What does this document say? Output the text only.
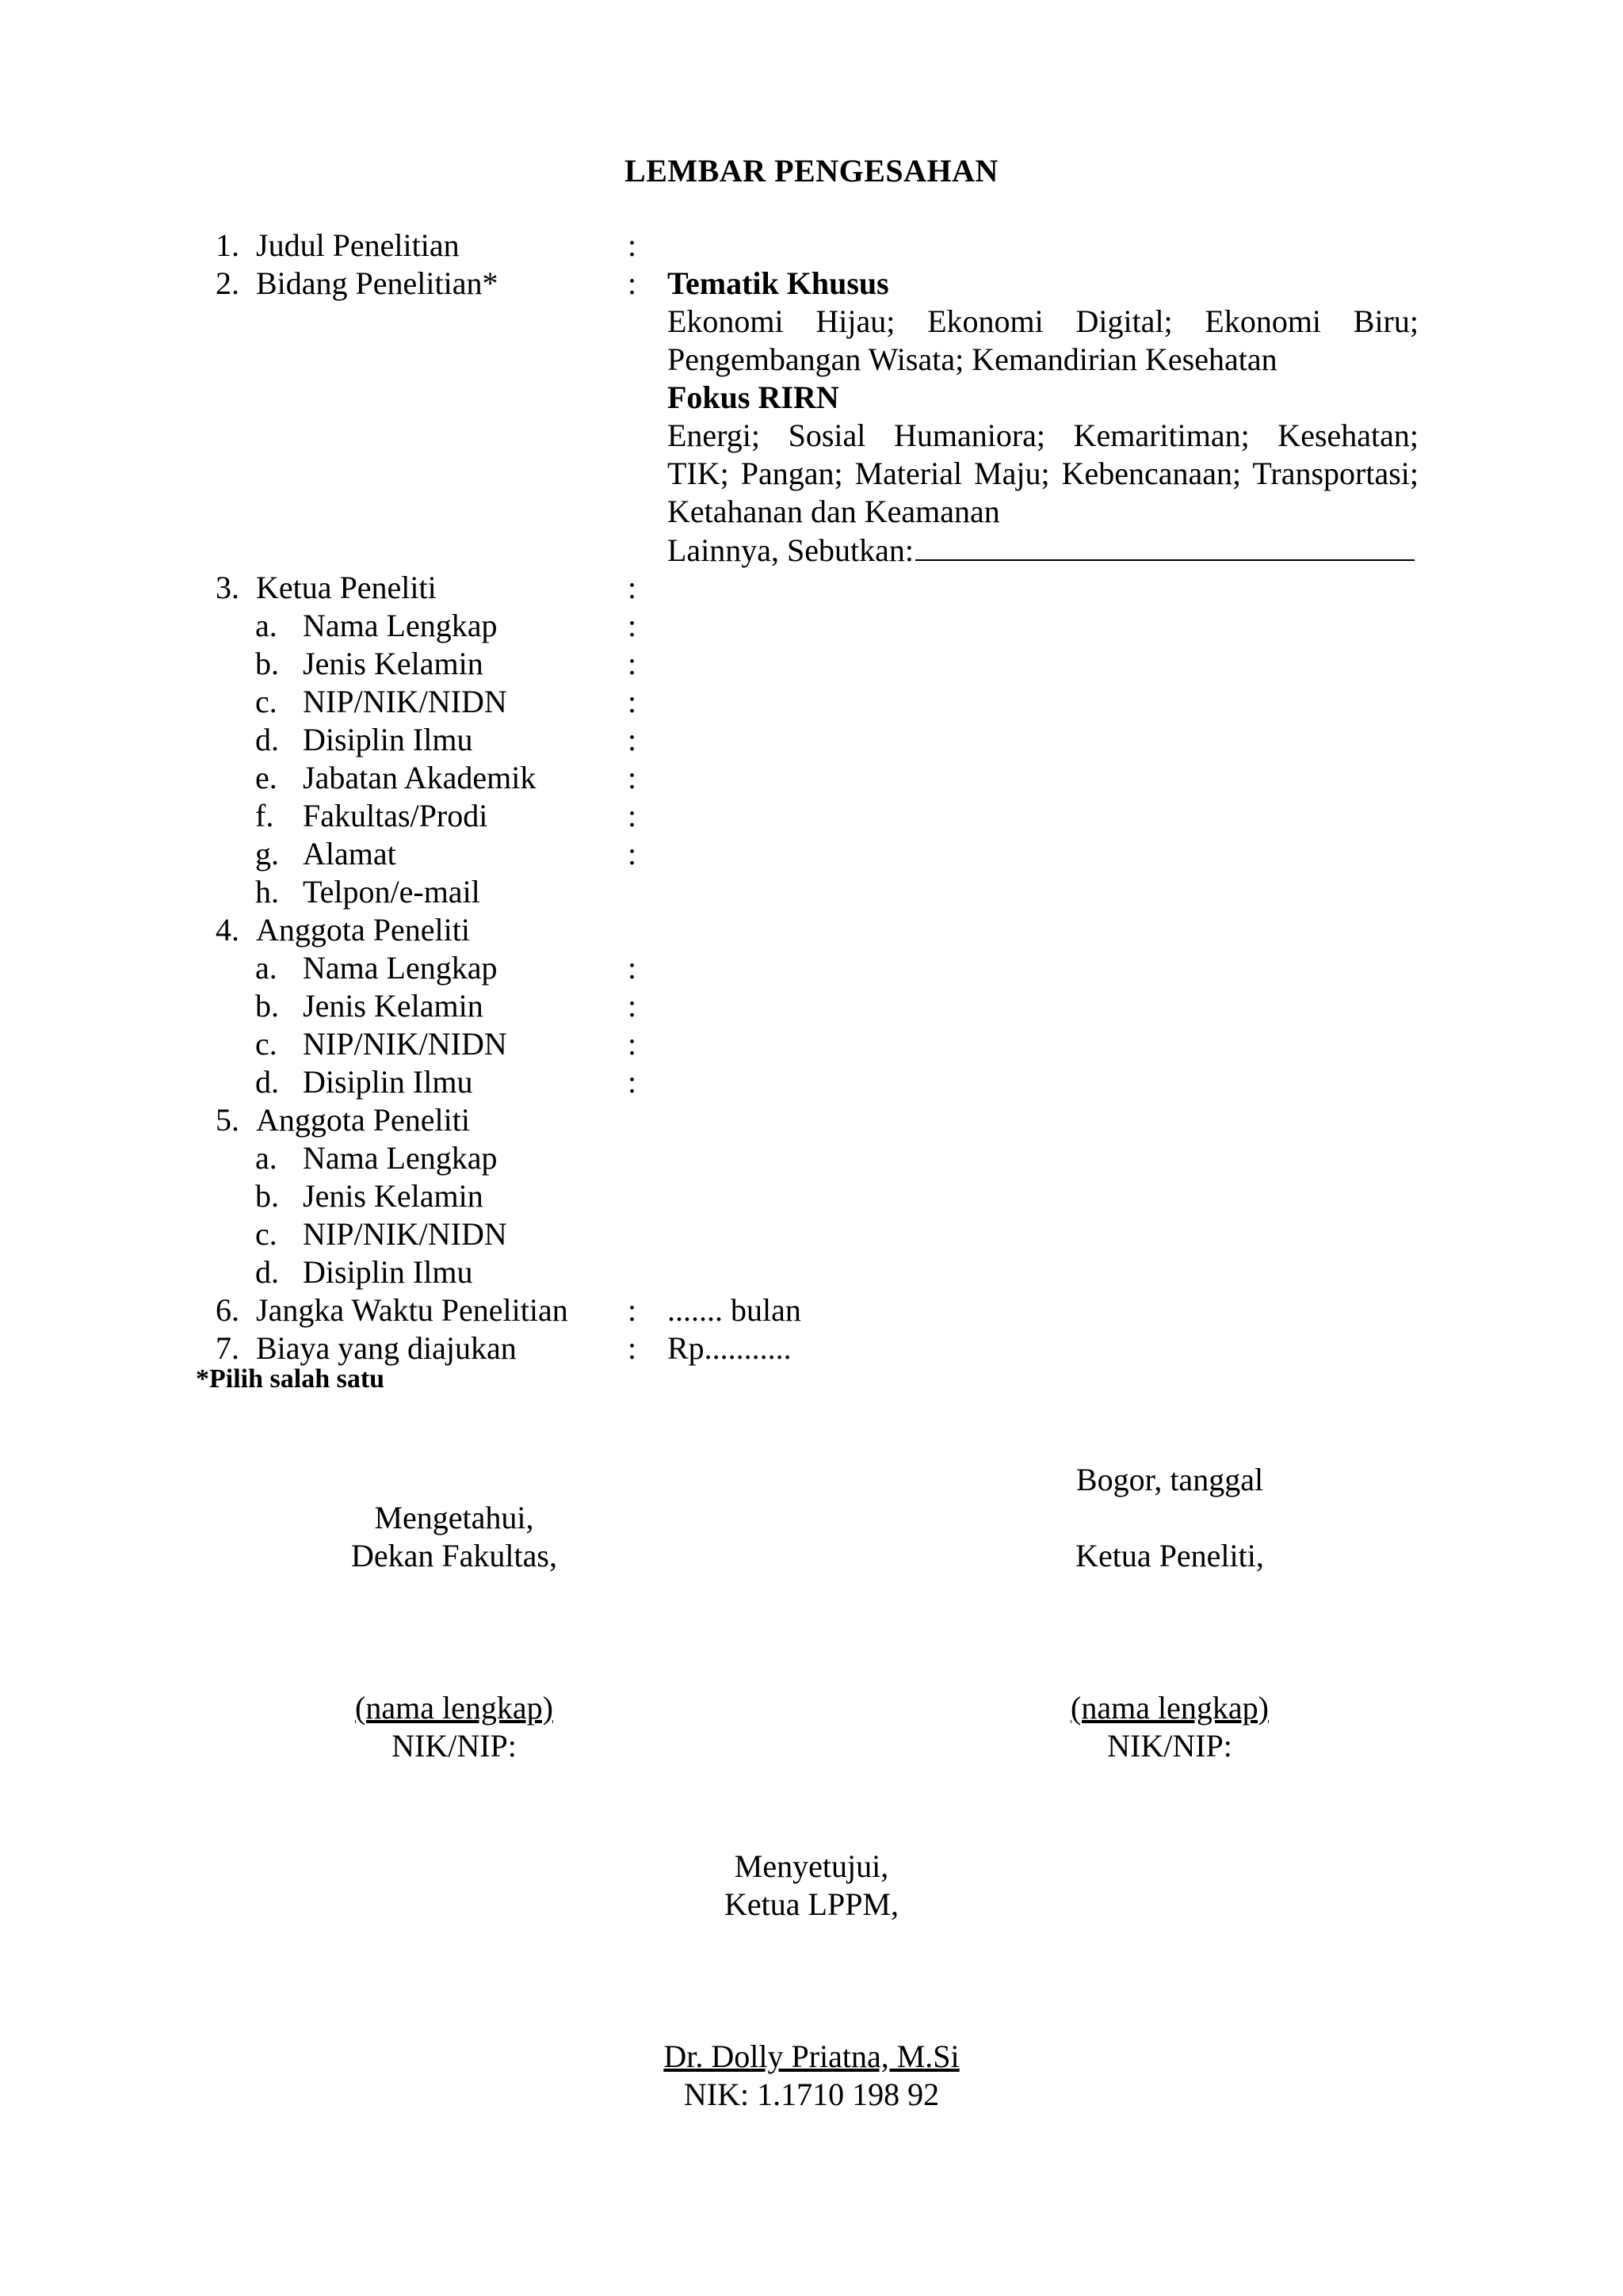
LEMBAR PENGESAHAN
1. Judul Penelitian	:
2. Bidang Penelitian*	: Tematik Khusus
Ekonomi Hijau; Ekonomi Digital; Ekonomi Biru;
Pengembangan Wisata; Kemandirian Kesehatan
Fokus RIRN
Energi; Sosial Humaniora; Kemaritiman; Kesehatan;
TIK; Pangan; Material Maju; Kebencanaan; Transportasi;
Ketahanan dan Keamanan
Lainnya, Sebutkan:
3. Ketua Peneliti	:
a. Nama Lengkap	:
b. Jenis Kelamin	:
c. NIP/NIK/NIDN	:
d. Disiplin Ilmu	:
e. Jabatan Akademik	:
f. Fakultas/Prodi	:
g. Alamat	:
h. Telpon/e-mail
4. Anggota Peneliti
a. Nama Lengkap	:
b. Jenis Kelamin	:
c. NIP/NIK/NIDN	:
d. Disiplin Ilmu	:
5. Anggota Peneliti
a. Nama Lengkap
b. Jenis Kelamin
c. NIP/NIK/NIDN
d. Disiplin Ilmu
6. Jangka Waktu Penelitian : ....... bulan
7. Biaya yang diajukan	: Rp...........
*Pilih salah satu
Mengetahui,
Dekan Fakultas,
(nama lengkap)
NIK/NIP:
Bogor, tanggal
Ketua Peneliti,
(nama lengkap)
NIK/NIP:
Menyetujui,
Ketua LPPM,
Dr. Dolly Priatna, M.Si
NIK: 1.1710 198 92
